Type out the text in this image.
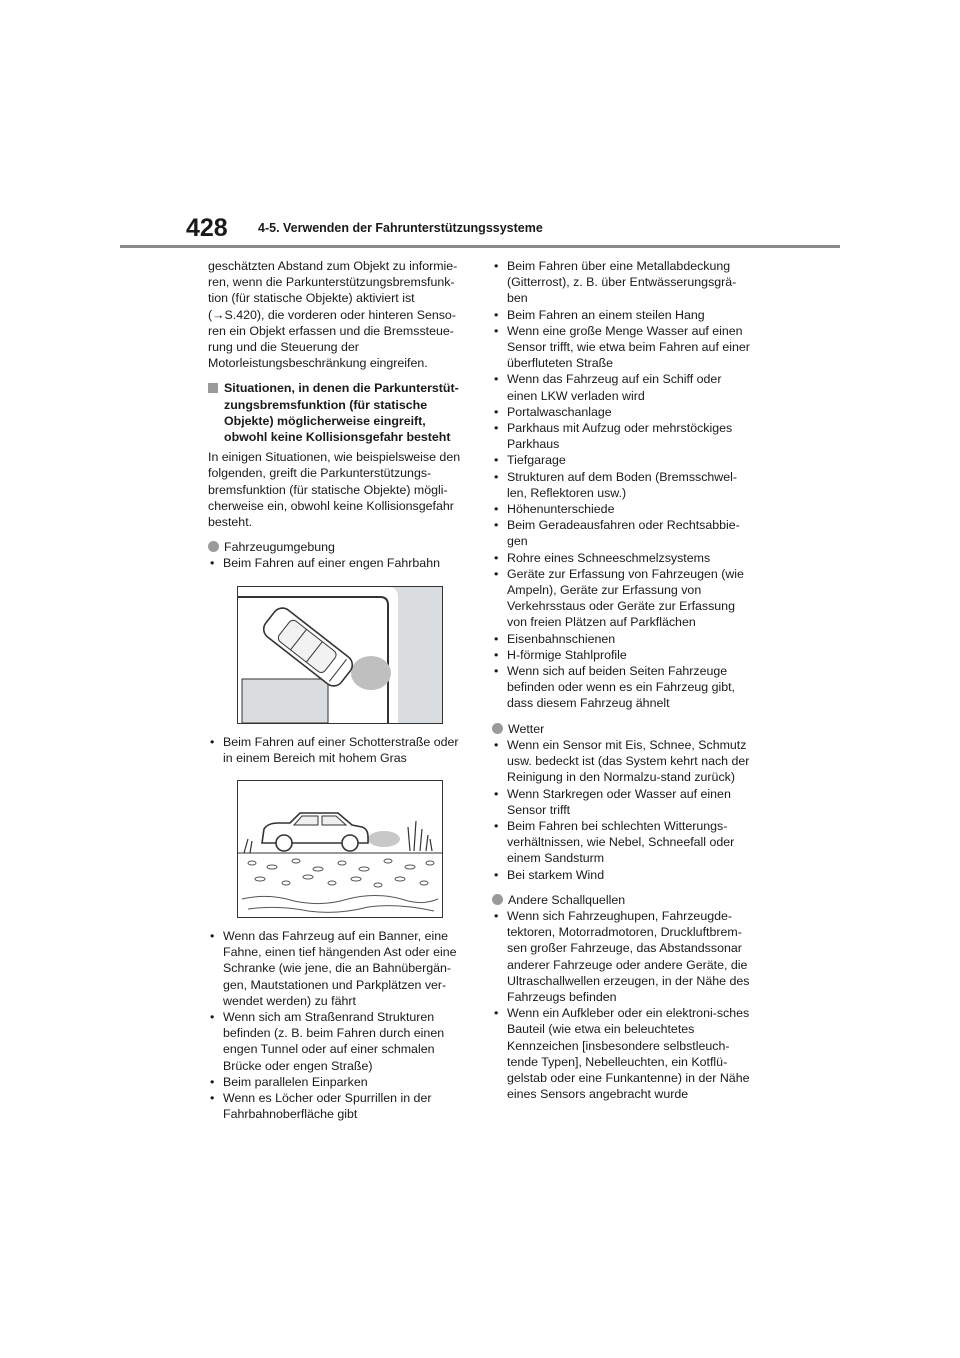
428 4-5. Verwenden der Fahrunterstützungssysteme

geschätzten Abstand zum Objekt zu informie-ren, wenn die Parkunterstützungsbremsfunk-tion (für statische Objekte) aktiviert ist (→S.420), die vorderen oder hinteren Senso-ren ein Objekt erfassen und die Bremssteue-rung und die Steuerung der Motorleistungsbeschränkung eingreifen.

Situationen, in denen die Parkunterstüt-zungsbremsfunktion (für statische Objekte) möglicherweise eingreift, obwohl keine Kollisionsgefahr besteht

In einigen Situationen, wie beispielsweise den folgenden, greift die Parkunterstützungs-bremsfunktion (für statische Objekte) mögli-cherweise ein, obwohl keine Kollisionsgefahr besteht.

Fahrzeugumgebung
• Beim Fahren auf einer engen Fahrbahn
• Beim Fahren auf einer Schotterstraße oder in einem Bereich mit hohem Gras
• Wenn das Fahrzeug auf ein Banner, eine Fahne, einen tief hängenden Ast oder eine Schranke (wie jene, die an Bahnübergän-gen, Mautstationen und Parkplätzen ver-wendet werden) zu fährt
• Wenn sich am Straßenrand Strukturen befinden (z. B. beim Fahren durch einen engen Tunnel oder auf einer schmalen Brücke oder engen Straße)
• Beim parallelen Einparken
• Wenn es Löcher oder Spurrillen in der Fahrbahnoberfläche gibt
• Beim Fahren über eine Metallabdeckung (Gitterrost), z. B. über Entwässerungsgrä-ben
• Beim Fahren an einem steilen Hang
• Wenn eine große Menge Wasser auf einen Sensor trifft, wie etwa beim Fahren auf einer überfluteten Straße
• Wenn das Fahrzeug auf ein Schiff oder einen LKW verladen wird
• Portalwaschanlage
• Parkhaus mit Aufzug oder mehrstöckiges Parkhaus
• Tiefgarage
• Strukturen auf dem Boden (Bremsschwel-len, Reflektoren usw.)
• Höhenunterschiede
• Beim Geradeausfahren oder Rechtsabbie-gen
• Rohre eines Schneeschmelzsystems
• Geräte zur Erfassung von Fahrzeugen (wie Ampeln), Geräte zur Erfassung von Verkehrsstaus oder Geräte zur Erfassung von freien Plätzen auf Parkflächen
• Eisenbahnschienen
• H-förmige Stahlprofile
• Wenn sich auf beiden Seiten Fahrzeuge befinden oder wenn es ein Fahrzeug gibt, dass diesem Fahrzeug ähnelt
Wetter
• Wenn ein Sensor mit Eis, Schnee, Schmutz usw. bedeckt ist (das System kehrt nach der Reinigung in den Normalzu-stand zurück)
• Wenn Starkregen oder Wasser auf einen Sensor trifft
• Beim Fahren bei schlechten Witterungs-verhältnissen, wie Nebel, Schneefall oder einem Sandsturm
• Bei starkem Wind
Andere Schallquellen
• Wenn sich Fahrzeughupen, Fahrzeugde-tektoren, Motorradmotoren, Druckluftbrem-sen großer Fahrzeuge, das Abstandssonar anderer Fahrzeuge oder andere Geräte, die Ultraschallwellen erzeugen, in der Nähe des Fahrzeugs befinden
• Wenn ein Aufkleber oder ein elektroni-sches Bauteil (wie etwa ein beleuchtetes Kennzeichen [insbesondere selbstleuch-tende Typen], Nebelleuchten, ein Kotflü-gelstab oder eine Funkantenne) in der Nähe eines Sensors angebracht wurde
